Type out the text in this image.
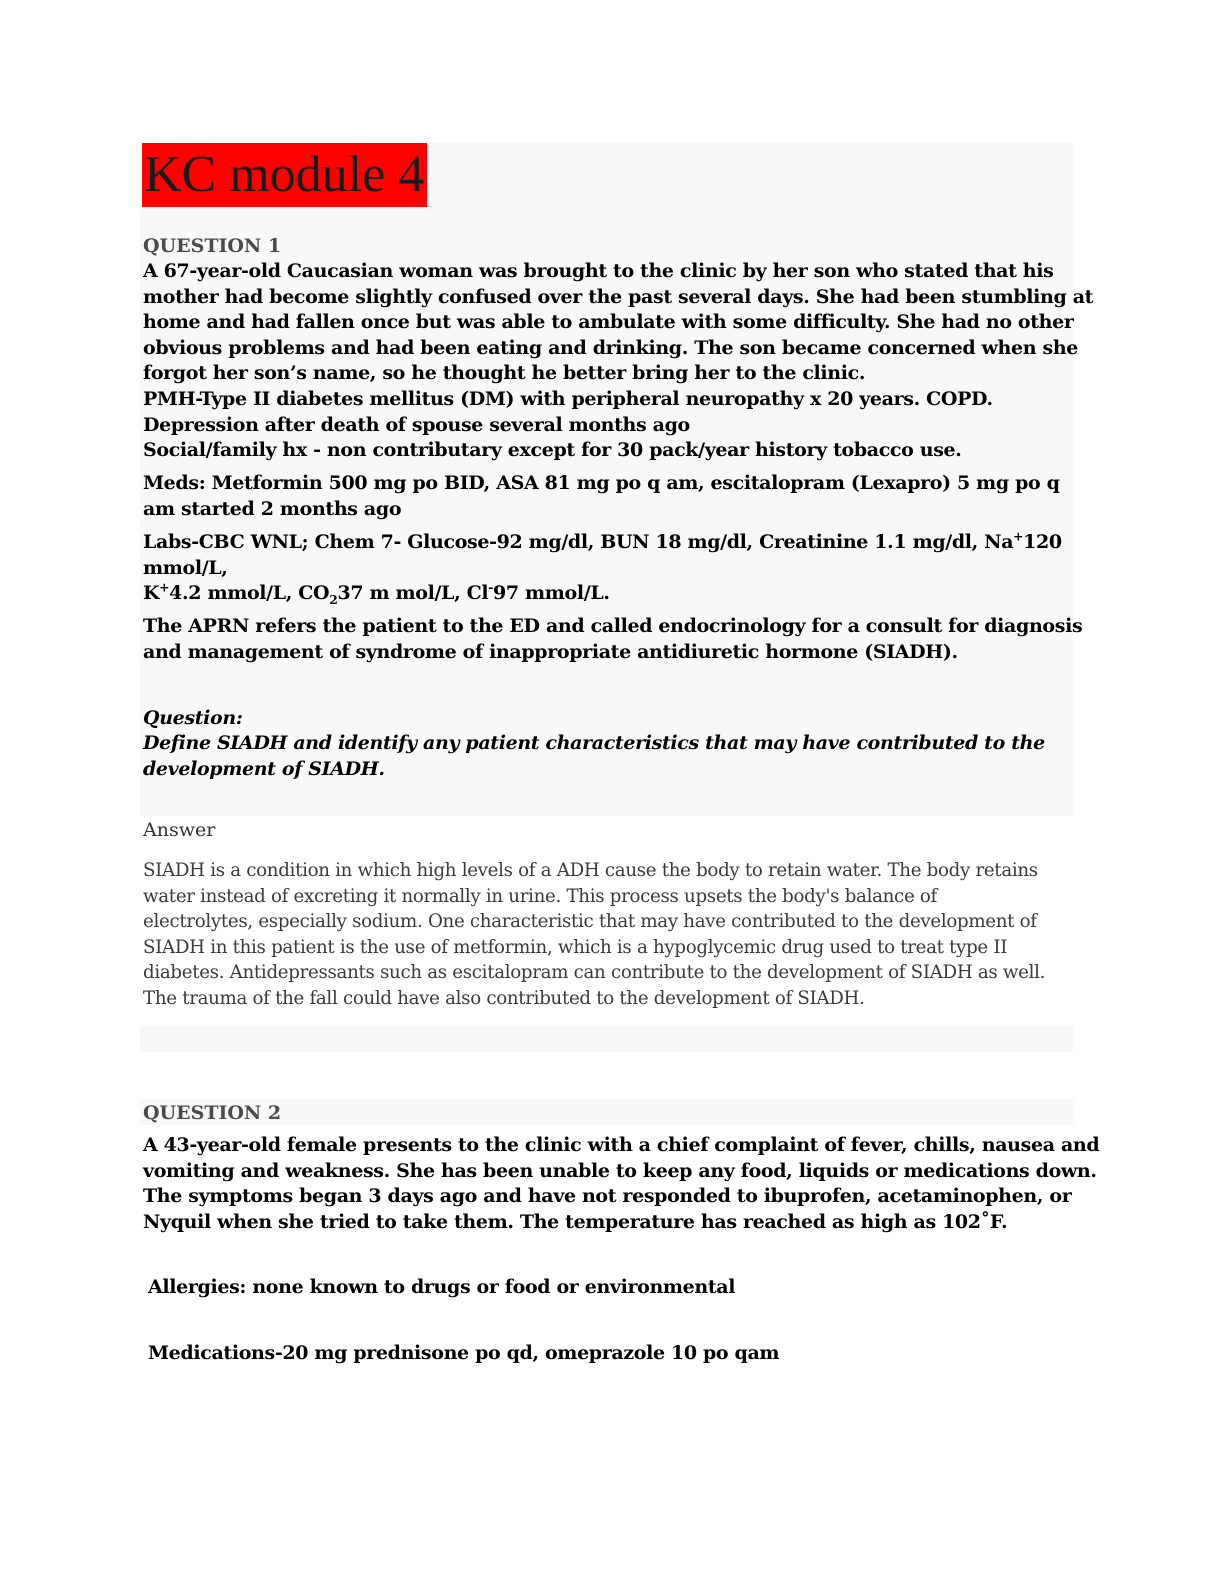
KC module 4
QUESTION 1
A 67-year-old Caucasian woman was brought to the clinic by her son who stated that his
mother had become slightly confused over the past several days. She had been stumbling at
home and had fallen once but was able to ambulate with some difficulty. She had no other
obvious problems and had been eating and drinking. The son became concerned when she
forgot her son’s name, so he thought he better bring her to the clinic.
PMH-Type II diabetes mellitus (DM) with peripheral neuropathy x 20 years. COPD.
Depression after death of spouse several months ago
Social/family hx - non contributary except for 30 pack/year history tobacco use.
Meds: Metformin 500 mg po BID, ASA 81 mg po q am, escitalopram (Lexapro) 5 mg po q
am started 2 months ago
Labs-CBC WNL; Chem 7- Glucose-92 mg/dl, BUN 18 mg/dl, Creatinine 1.1 mg/dl, Na+120
mmol/L,
K+4.2 mmol/L, $CO_237$ m mol/L, Cl-97 mmol/L.
The APRN refers the patient to the ED and called endocrinology for a consult for diagnosis
and management of syndrome of inappropriate antidiuretic hormone (SIADH).
Question:
Define SIADH and identify any patient characteristics that may have contributed to the
development of SIADH.
Answer
SIADH is a condition in which high levels of a ADH cause the body to retain water. The body retains
water instead of excreting it normally in urine. This process upsets the body's balance of
electrolytes, especially sodium. One characteristic that may have contributed to the development of
SIADH in this patient is the use of metformin, which is a hypoglycemic drug used to treat type II
diabetes. Antidepressants such as escitalopram can contribute to the development of SIADH as well.
The trauma of the fall could have also contributed to the development of SIADH.
QUESTION 2
A 43-year-old female presents to the clinic with a chief complaint of fever, chills, nausea and
vomiting and weakness. She has been unable to keep any food, liquids or medications down.
The symptoms began 3 days ago and have not responded to ibuprofen, acetaminophen, or
Nyquil when she tried to take them. The temperature has reached as high as 102˚F.
Allergies: none known to drugs or food or environmental
Medications-20 mg prednisone po qd, omeprazole 10 po qam
